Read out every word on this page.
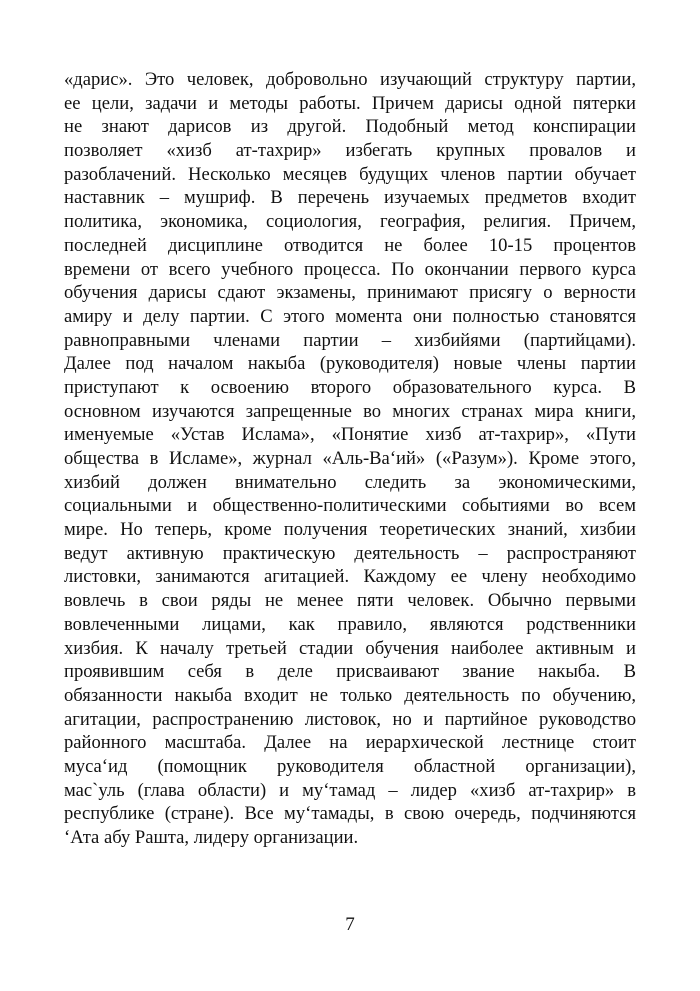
«дарис». Это человек, добровольно изучающий структуру партии,
ее цели, задачи и методы работы. Причем дарисы одной пятерки
не знают дарисов из другой. Подобный метод конспирации
позволяет «хизб ат-тахрир» избегать крупных провалов и
разоблачений. Несколько месяцев будущих членов партии обучает
наставник – мушриф. В перечень изучаемых предметов входит
политика, экономика, социология, география, религия. Причем,
последней дисциплине отводится не более 10-15 процентов
времени от всего учебного процесса. По окончании первого курса
обучения дарисы сдают экзамены, принимают присягу о верности
амиру и делу партии. С этого момента они полностью становятся
равноправными членами партии – хизбийями (партийцами).
Далее под началом накыба (руководителя) новые члены партии
приступают к освоению второго образовательного курса. В
основном изучаются запрещенные во многих странах мира книги,
именуемые «Устав Ислама», «Понятие хизб ат-тахрир», «Пути
общества в Исламе», журнал «Аль-Ва‘ий» («Разум»). Кроме этого,
хизбий должен внимательно следить за экономическими,
социальными и общественно-политическими событиями во всем
мире. Но теперь, кроме получения теоретических знаний, хизбии
ведут активную практическую деятельность – распространяют
листовки, занимаются агитацией. Каждому ее члену необходимо
вовлечь в свои ряды не менее пяти человек. Обычно первыми
вовлеченными лицами, как правило, являются родственники
хизбия. К началу третьей стадии обучения наиболее активным и
проявившим себя в деле присваивают звание накыба. В
обязанности накыба входит не только деятельность по обучению,
агитации, распространению листовок, но и партийное руководство
районного масштаба. Далее на иерархической лестнице стоит
муса‘ид (помощник руководителя областной организации),
мас`уль (глава области) и му‘тамад – лидер «хизб ат-тахрир» в
республике (стране). Все му‘тамады, в свою очередь, подчиняются
‘Ата абу Рашта, лидеру организации.
7
